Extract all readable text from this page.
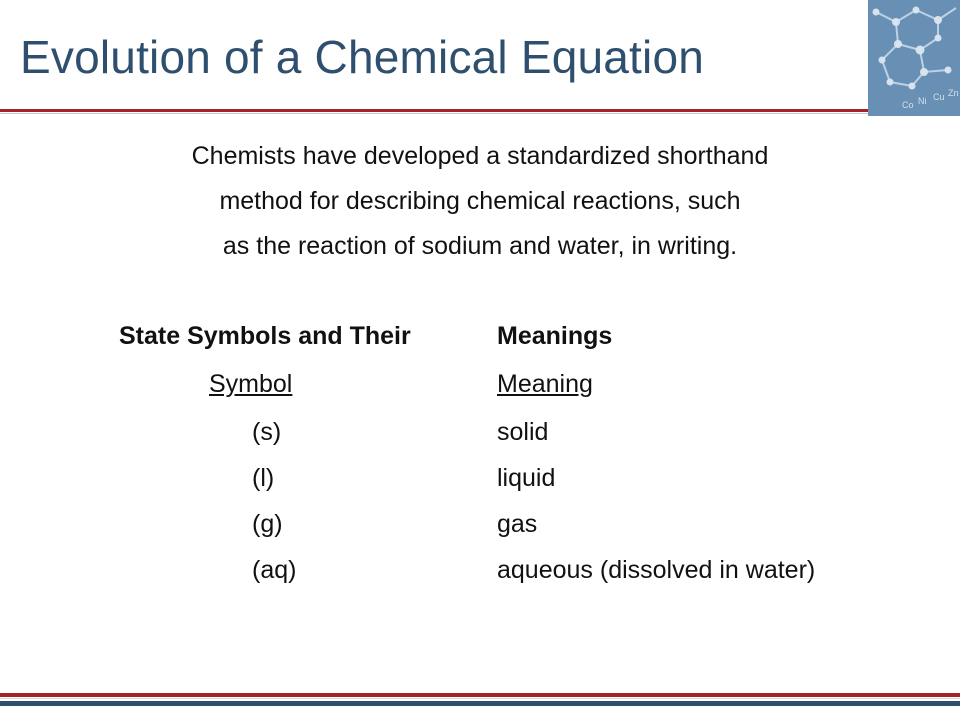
Evolution of a Chemical Equation
Co Ni Cu Zn

Chemists have developed a standardized shorthand
method for describing chemical reactions, such
as the reaction of sodium and water, in writing.

State Symbols and Their	Meanings
Symbol	Meaning
(s)	solid
(l)	liquid
(g)	gas
(aq)	aqueous (dissolved in water)
